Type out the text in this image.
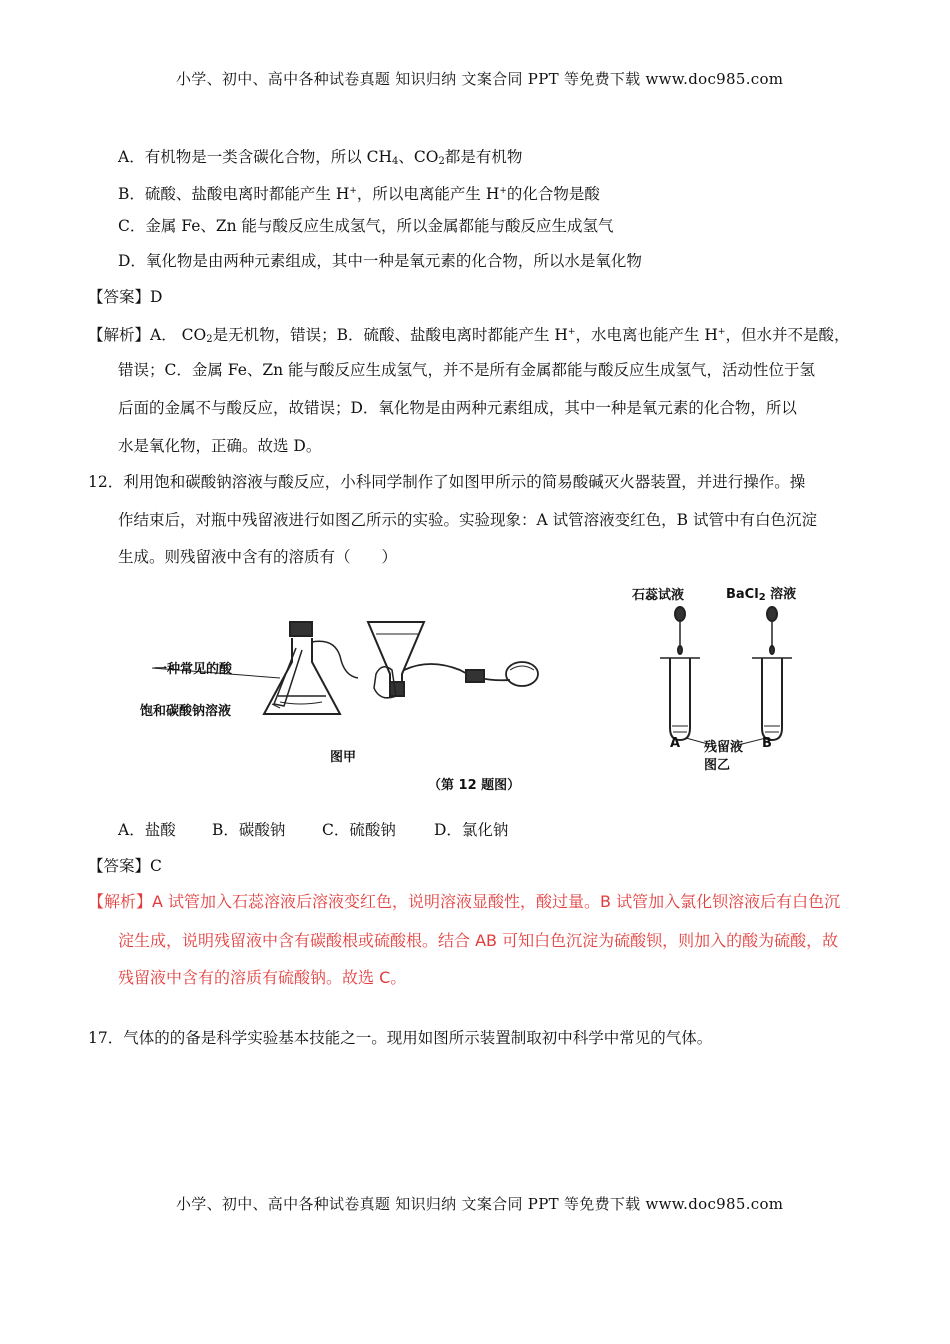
小学、初中、高中各种试卷真题 知识归纳 文案合同 PPT 等免费下载 www.doc985.com
A．有机物是一类含碳化合物，所以 $CH_4$、$CO_2$都是有机物
B．硫酸、盐酸电离时都能产生 H+，所以电离能产生 H+的化合物是酸
C．金属 Fe、Zn 能与酸反应生成氢气，所以金属都能与酸反应生成氢气
D．氧化物是由两种元素组成，其中一种是氧元素的化合物，所以水是氧化物
【答案】D
【解析】A． $CO_2$是无机物，错误；B．硫酸、盐酸电离时都能产生 H+，水电离也能产生 H+，但水并不是酸，
错误；C．金属 Fe、Zn 能与酸反应生成氢气，并不是所有金属都能与酸反应生成氢气，活动性位于氢
后面的金属不与酸反应，故错误；D．氧化物是由两种元素组成，其中一种是氧元素的化合物，所以
水是氧化物，正确。故选 D。
12．利用饱和碳酸钠溶液与酸反应，小科同学制作了如图甲所示的简易酸碱灭火器装置，并进行操作。操
作结束后，对瓶中残留液进行如图乙所示的实验。实验现象：A 试管溶液变红色，B 试管中有白色沉淀
生成。则残留液中含有的溶质有（　　）
一种常见的酸
饱和碳酸钠溶液
图甲
石蕊试液	BaCl$_2$ 溶液
A 残留液 B
图乙
（第 12 题图）
A．盐酸 B．碳酸钠 C．硫酸钠 D．氯化钠
【答案】C
【解析】A 试管加入石蕊溶液后溶液变红色，说明溶液显酸性，酸过量。B 试管加入氯化钡溶液后有白色沉
淀生成，说明残留液中含有碳酸根或硫酸根。结合 AB 可知白色沉淀为硫酸钡，则加入的酸为硫酸，故
残留液中含有的溶质有硫酸钠。故选 C。
17．气体的的备是科学实验基本技能之一。现用如图所示装置制取初中科学中常见的气体。
小学、初中、高中各种试卷真题 知识归纳 文案合同 PPT 等免费下载 www.doc985.com
